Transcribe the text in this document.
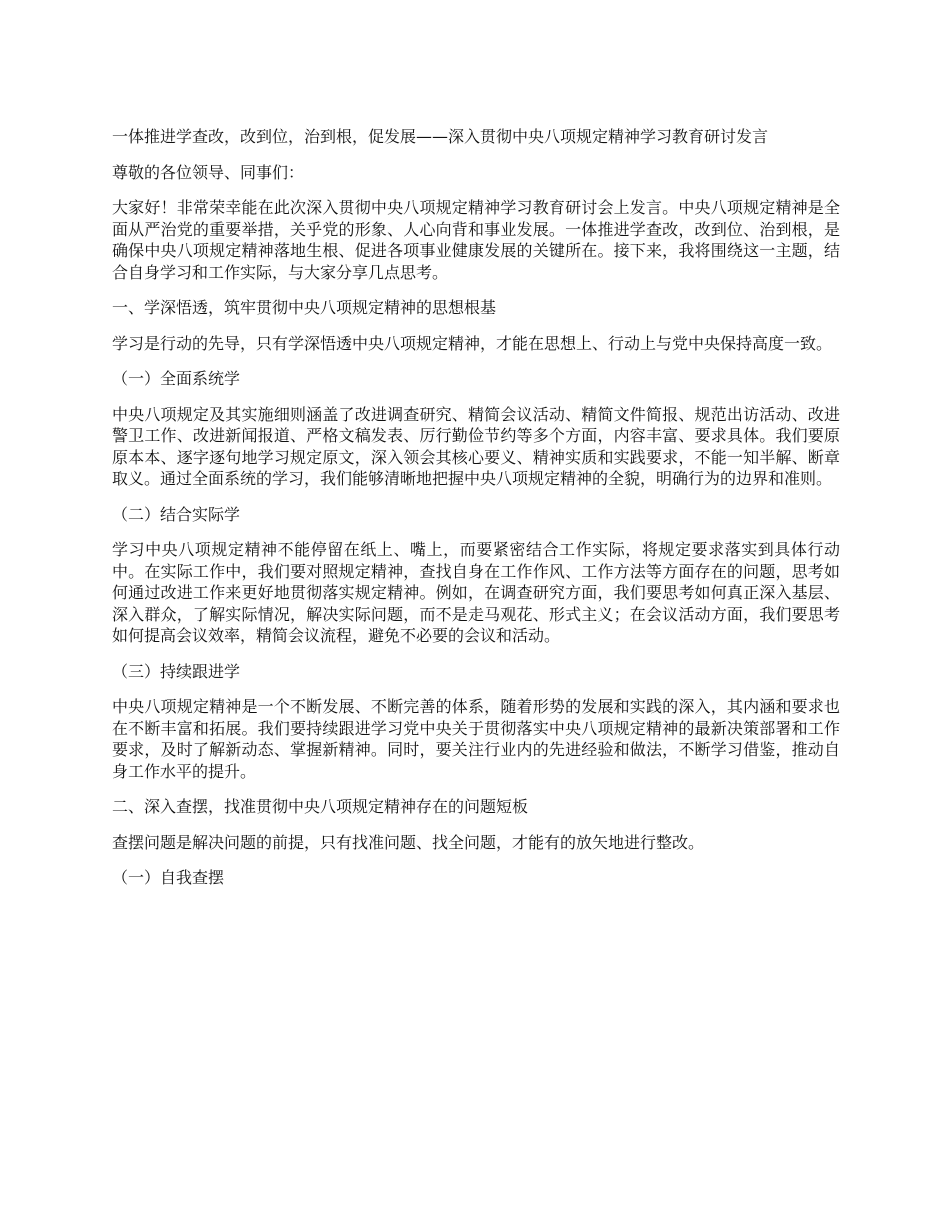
一体推进学查改，改到位，治到根，促发展——深入贯彻中央八项规定精神学习教育研讨发言

尊敬的各位领导、同事们：

大家好！非常荣幸能在此次深入贯彻中央八项规定精神学习教育研讨会上发言。中央八项规定精神是全面从严治党的重要举措，关乎党的形象、人心向背和事业发展。一体推进学查改，改到位、治到根，是确保中央八项规定精神落地生根、促进各项事业健康发展的关键所在。接下来，我将围绕这一主题，结合自身学习和工作实际，与大家分享几点思考。

一、学深悟透，筑牢贯彻中央八项规定精神的思想根基

学习是行动的先导，只有学深悟透中央八项规定精神，才能在思想上、行动上与党中央保持高度一致。

（一）全面系统学

中央八项规定及其实施细则涵盖了改进调查研究、精简会议活动、精简文件简报、规范出访活动、改进警卫工作、改进新闻报道、严格文稿发表、厉行勤俭节约等多个方面，内容丰富、要求具体。我们要原原本本、逐字逐句地学习规定原文，深入领会其核心要义、精神实质和实践要求，不能一知半解、断章取义。通过全面系统的学习，我们能够清晰地把握中央八项规定精神的全貌，明确行为的边界和准则。

（二）结合实际学

学习中央八项规定精神不能停留在纸上、嘴上，而要紧密结合工作实际，将规定要求落实到具体行动中。在实际工作中，我们要对照规定精神，查找自身在工作作风、工作方法等方面存在的问题，思考如何通过改进工作来更好地贯彻落实规定精神。例如，在调查研究方面，我们要思考如何真正深入基层、深入群众，了解实际情况，解决实际问题，而不是走马观花、形式主义；在会议活动方面，我们要思考如何提高会议效率，精简会议流程，避免不必要的会议和活动。

（三）持续跟进学

中央八项规定精神是一个不断发展、不断完善的体系，随着形势的发展和实践的深入，其内涵和要求也在不断丰富和拓展。我们要持续跟进学习党中央关于贯彻落实中央八项规定精神的最新决策部署和工作要求，及时了解新动态、掌握新精神。同时，要关注行业内的先进经验和做法，不断学习借鉴，推动自身工作水平的提升。

二、深入查摆，找准贯彻中央八项规定精神存在的问题短板

查摆问题是解决问题的前提，只有找准问题、找全问题，才能有的放矢地进行整改。

（一）自我查摆
